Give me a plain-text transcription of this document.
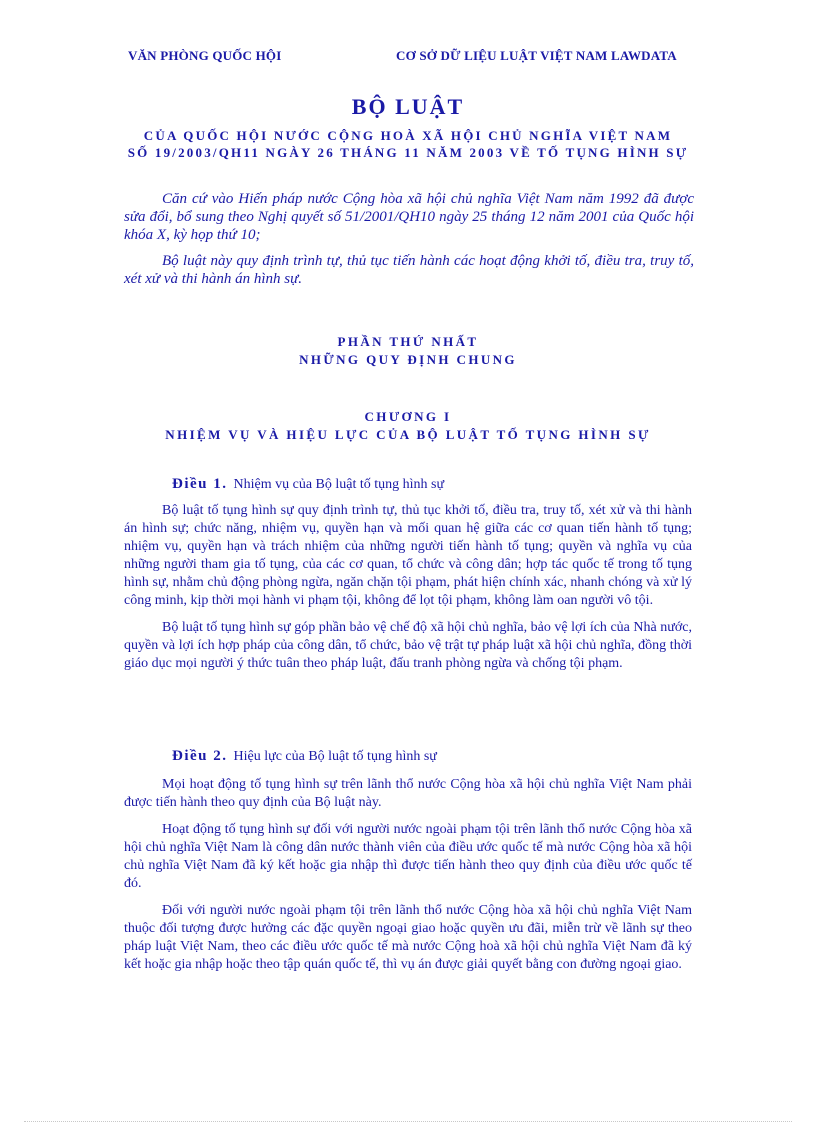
VĂN PHÒNG QUỐC HỘI	CƠ SỞ DỮ LIỆU LUẬT VIỆT NAM LAWDATA
BỘ LUẬT
CỦA QUỐC HỘI NƯỚC CỘNG HOÀ XÃ HỘI CHỦ NGHĨA VIỆT NAM
SỐ 19/2003/QH11 NGÀY 26 THÁNG 11 NĂM 2003 VỀ TỐ TỤNG HÌNH SỰ

Căn cứ vào Hiến pháp nước Cộng hòa xã hội chủ nghĩa Việt Nam năm 1992 đã được sửa đổi, bổ sung theo Nghị quyết số 51/2001/QH10 ngày 25 tháng 12 năm 2001 của Quốc hội khóa X, kỳ họp thứ 10;

Bộ luật này quy định trình tự, thủ tục tiến hành các hoạt động khởi tố, điều tra, truy tố, xét xử và thi hành án hình sự.

PHẦN THỨ NHẤT
NHỮNG QUY ĐỊNH CHUNG
CHƯƠNG I
NHIỆM VỤ VÀ HIỆU LỰC CỦA BỘ LUẬT TỐ TỤNG HÌNH SỰ
Điều 1. Nhiệm vụ của Bộ luật tố tụng hình sự

Bộ luật tố tụng hình sự quy định trình tự, thủ tục khởi tố, điều tra, truy tố, xét xử và thi hành án hình sự; chức năng, nhiệm vụ, quyền hạn và mối quan hệ giữa các cơ quan tiến hành tố tụng; nhiệm vụ, quyền hạn và trách nhiệm của những người tiến hành tố tụng; quyền và nghĩa vụ của những người tham gia tố tụng, của các cơ quan, tổ chức và công dân; hợp tác quốc tế trong tố tụng hình sự, nhằm chủ động phòng ngừa, ngăn chặn tội phạm, phát hiện chính xác, nhanh chóng và xử lý công minh, kịp thời mọi hành vi phạm tội, không để lọt tội phạm, không làm oan người vô tội.

Bộ luật tố tụng hình sự góp phần bảo vệ chế độ xã hội chủ nghĩa, bảo vệ lợi ích của Nhà nước, quyền và lợi ích hợp pháp của công dân, tổ chức, bảo vệ trật tự pháp luật xã hội chủ nghĩa, đồng thời giáo dục mọi người ý thức tuân theo pháp luật, đấu tranh phòng ngừa và chống tội phạm.

Điều 2. Hiệu lực của Bộ luật tố tụng hình sự

Mọi hoạt động tố tụng hình sự trên lãnh thổ nước Cộng hòa xã hội chủ nghĩa Việt Nam phải được tiến hành theo quy định của Bộ luật này.

Hoạt động tố tụng hình sự đối với người nước ngoài phạm tội trên lãnh thổ nước Cộng hòa xã hội chủ nghĩa Việt Nam là công dân nước thành viên của điều ước quốc tế mà nước Cộng hòa xã hội chủ nghĩa Việt Nam đã ký kết hoặc gia nhập thì được tiến hành theo quy định của điều ước quốc tế đó.

Đối với người nước ngoài phạm tội trên lãnh thổ nước Cộng hòa xã hội chủ nghĩa Việt Nam thuộc đối tượng được hưởng các đặc quyền ngoại giao hoặc quyền ưu đãi, miễn trừ về lãnh sự theo pháp luật Việt Nam, theo các điều ước quốc tế mà nước Cộng hoà xã hội chủ nghĩa Việt Nam đã ký kết hoặc gia nhập hoặc theo tập quán quốc tế, thì vụ án được giải quyết bằng con đường ngoại giao.
